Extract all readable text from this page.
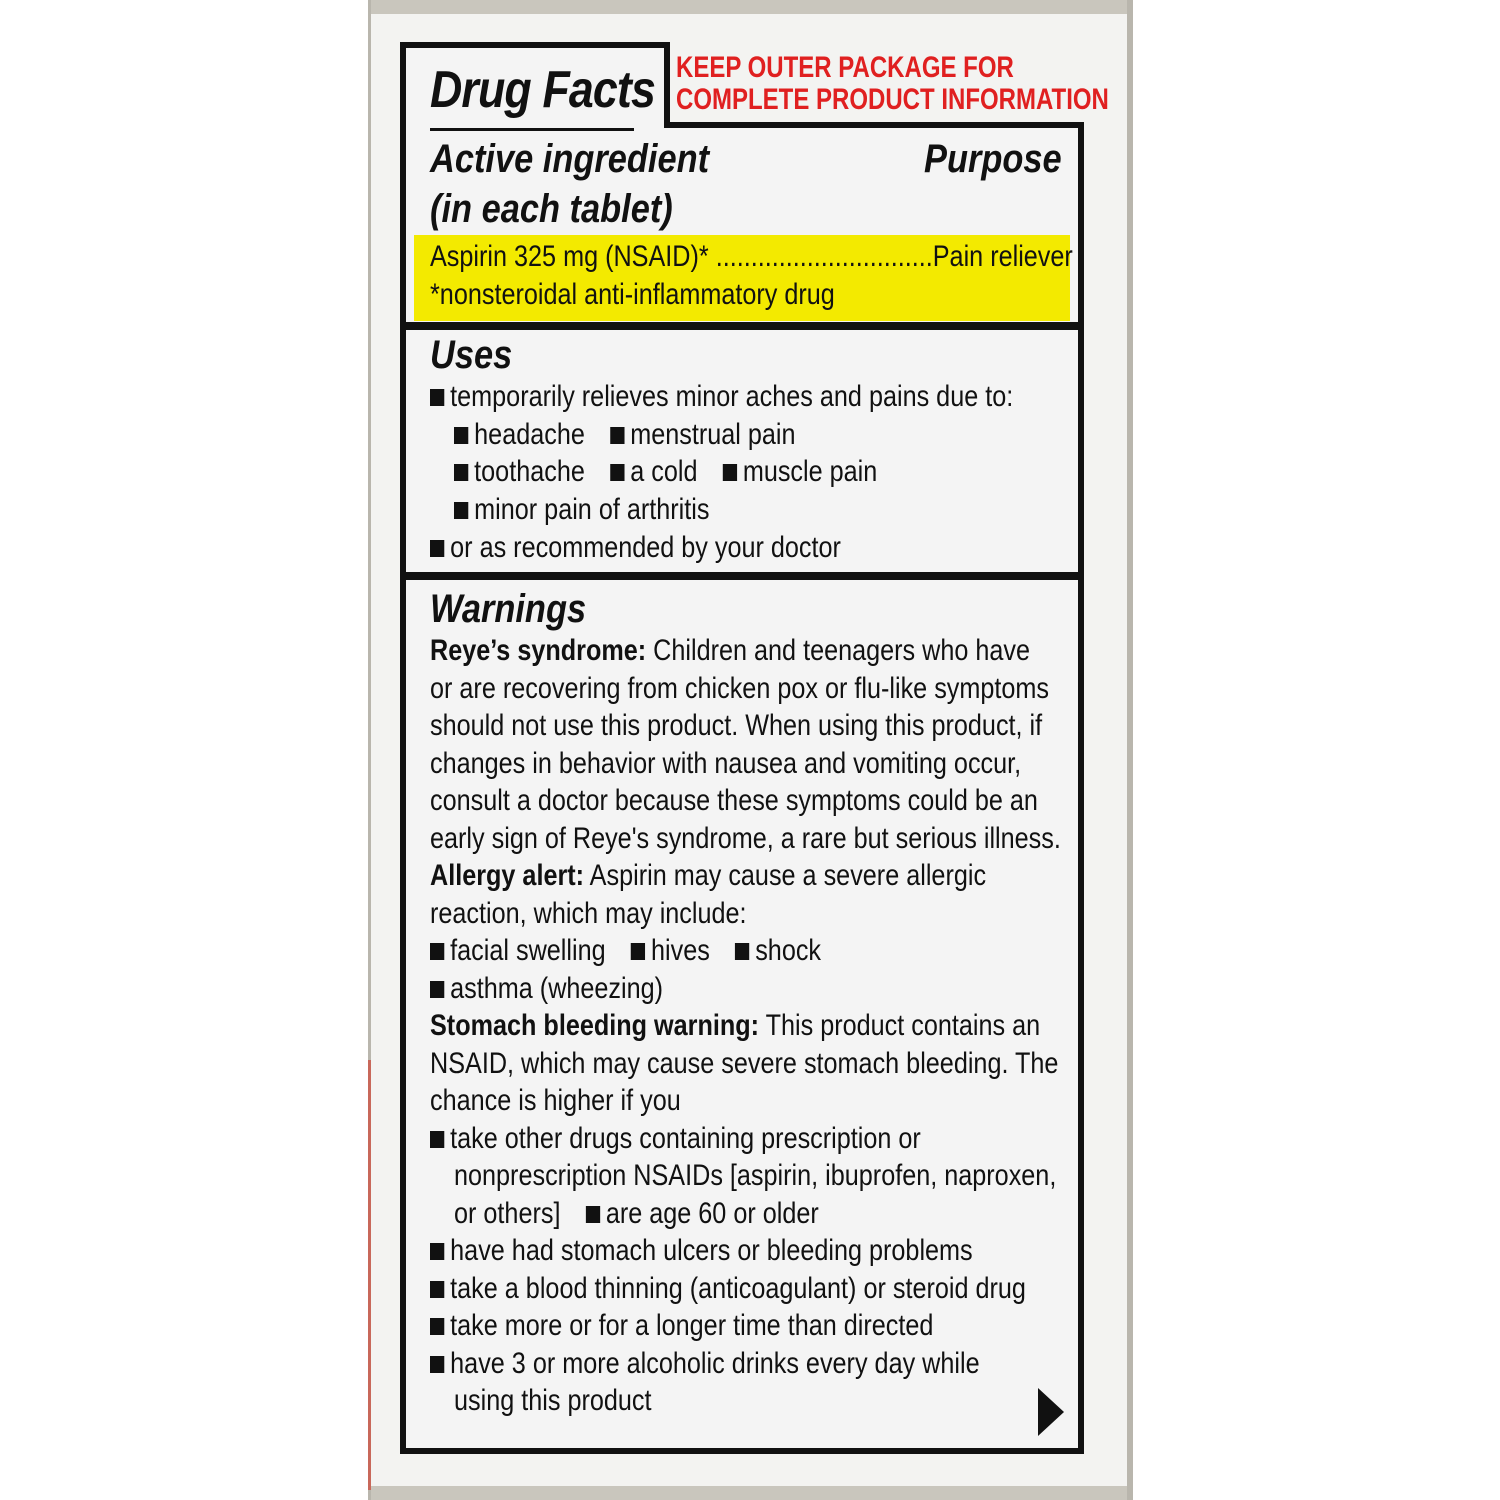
Drug Facts KEEP OUTER PACKAGE FOR
COMPLETE PRODUCT INFORMATION
Active ingredient
(in each tablet)
Purpose
Aspirin 325 mg (NSAID)* ...............................Pain reliever
*nonsteroidal anti-inflammatory drug
Uses
temporarily relieves minor aches and pains due to:
headache menstrual pain
toothache a cold muscle pain
minor pain of arthritis
or as recommended by your doctor
Warnings
Reye’s syndrome: Children and teenagers who have
or are recovering from chicken pox or flu-like symptoms
should not use this product. When using this product, if
changes in behavior with nausea and vomiting occur,
consult a doctor because these symptoms could be an
early sign of Reye's syndrome, a rare but serious illness.
Allergy alert: Aspirin may cause a severe allergic
reaction, which may include:
facial swelling hives shock
asthma (wheezing)
Stomach bleeding warning: This product contains an
NSAID, which may cause severe stomach bleeding. The
chance is higher if you
take other drugs containing prescription or
nonprescription NSAIDs [aspirin, ibuprofen, naproxen,
or others] are age 60 or older
have had stomach ulcers or bleeding problems
take a blood thinning (anticoagulant) or steroid drug
take more or for a longer time than directed
have 3 or more alcoholic drinks every day while
using this product
